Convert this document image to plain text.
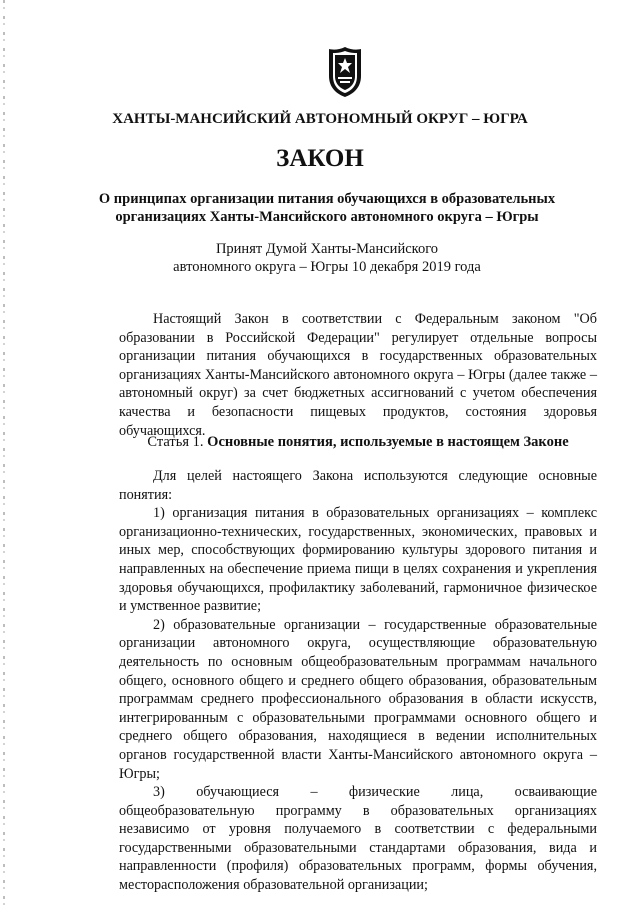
ХАНТЫ-МАНСИЙСКИЙ АВТОНОМНЫЙ ОКРУГ – ЮГРА
ЗАКОН
О принципах организации питания обучающихся в образовательных
организациях Ханты-Мансийского автономного округа – Югры
Принят Думой Ханты-Мансийского
автономного округа – Югры 10 декабря 2019 года

Настоящий Закон в соответствии с Федеральным законом "Об образовании в Российской Федерации" регулирует отдельные вопросы организации питания обучающихся в государственных образовательных организациях Ханты-Мансийского автономного округа – Югры (далее также – автономный округ) за счет бюджетных ассигнований с учетом обеспечения качества и безопасности пищевых продуктов, состояния здоровья обучающихся.

Статья 1. Основные понятия, используемые в настоящем Законе

Для целей настоящего Закона используются следующие основные понятия:

1) организация питания в образовательных организациях – комплекс организационно-технических, государственных, экономических, правовых и иных мер, способствующих формированию культуры здорового питания и направленных на обеспечение приема пищи в целях сохранения и укрепления здоровья обучающихся, профилактику заболеваний, гармоничное физическое и умственное развитие;

2) образовательные организации – государственные образовательные организации автономного округа, осуществляющие образовательную деятельность по основным общеобразовательным программам начального общего, основного общего и среднего общего образования, образовательным программам среднего профессионального образования в области искусств, интегрированным с образовательными программами основного общего и среднего общего образования, находящиеся в ведении исполнительных органов государственной власти Ханты-Мансийского автономного округа – Югры;

3) обучающиеся – физические лица, осваивающие общеобразовательную программу в образовательных организациях независимо от уровня получаемого в соответствии с федеральными государственными образовательными стандартами образования, вида и направленности (профиля) образовательных программ, формы обучения, месторасположения образовательной организации;
